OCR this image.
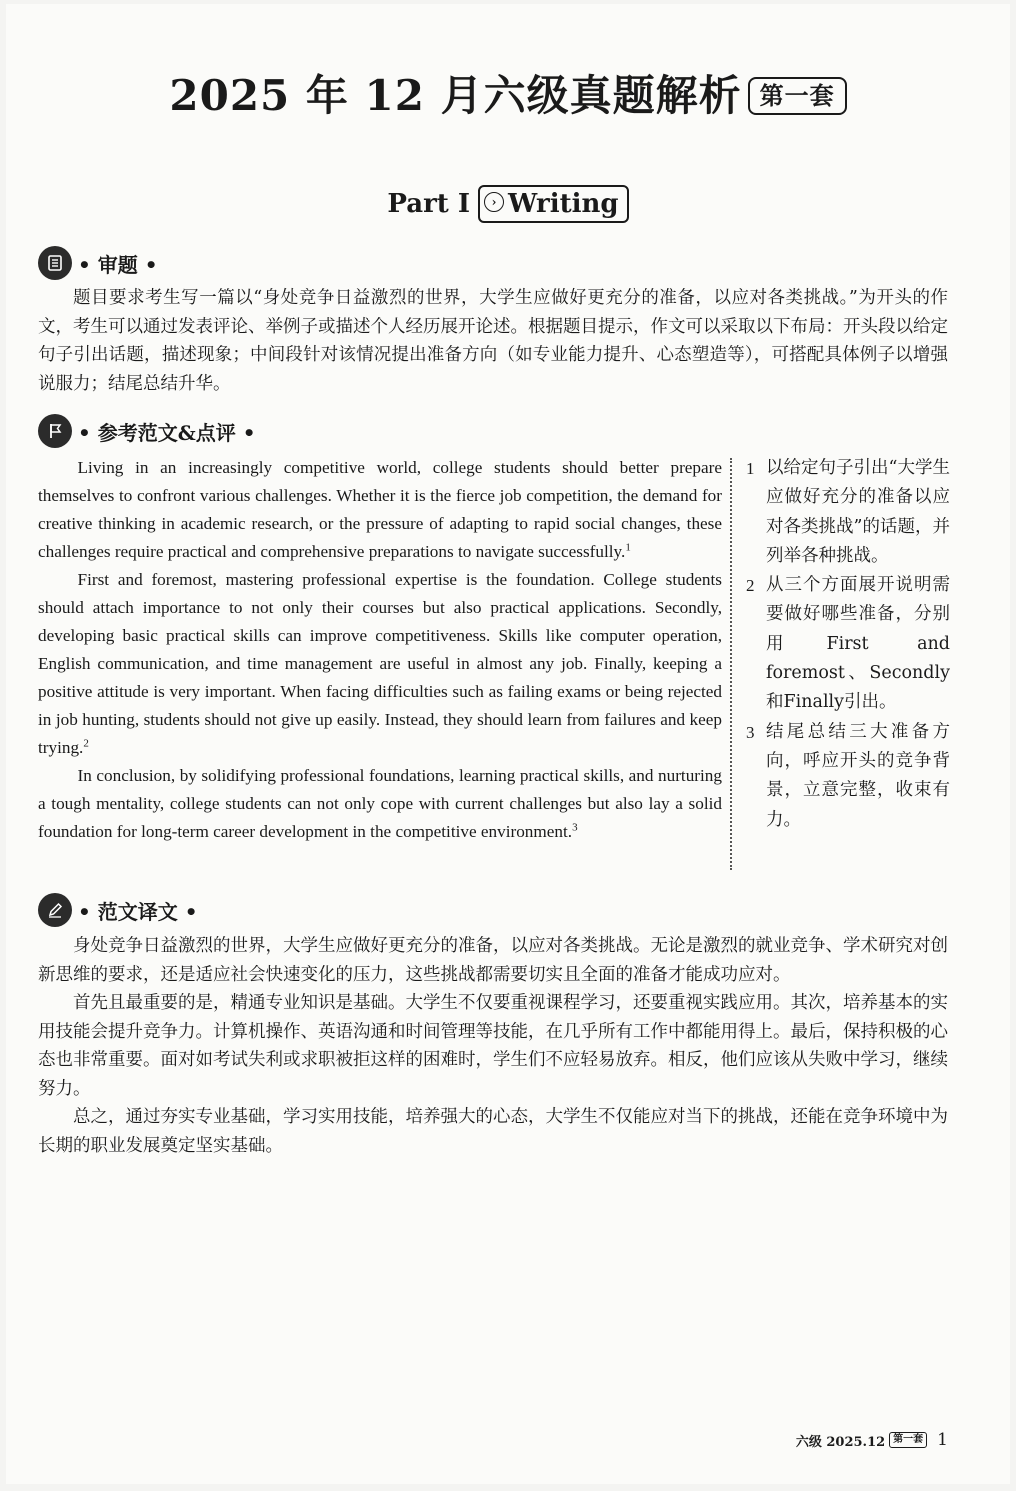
2025 年 12 月六级真题解析 第一套
Part I › Writing
• 审题 •

题目要求考生写一篇以“身处竞争日益激烈的世界，大学生应做好更充分的准备，以应对各类挑战。”为开头的作文，考生可以通过发表评论、举例子或描述个人经历展开论述。根据题目提示，作文可以采取以下布局：开头段以给定句子引出话题，描述现象；中间段针对该情况提出准备方向（如专业能力提升、心态塑造等），可搭配具体例子以增强说服力；结尾总结升华。

• 参考范文&点评 •

Living in an increasingly competitive world, college students should better prepare themselves to confront various challenges. Whether it is the fierce job competition, the demand for creative thinking in academic research, or the pressure of adapting to rapid social changes, these challenges require practical and comprehensive preparations to navigate successfully.$^1$

First and foremost, mastering professional expertise is the foundation. College students should attach importance to not only their courses but also practical applications. Secondly, developing basic practical skills can improve competitiveness. Skills like computer operation, English communication, and time management are useful in almost any job. Finally, keeping a positive attitude is very important. When facing difficulties such as failing exams or being rejected in job hunting, students should not give up easily. Instead, they should learn from failures and keep trying.$^2$

In conclusion, by solidifying professional foundations, learning practical skills, and nurturing a tough mentality, college students can not only cope with current challenges but also lay a solid foundation for long-term career development in the competitive environment.$^3$

1 以给定句子引出“大学生应做好充分的准备以应对各类挑战”的话题，并列举各种挑战。
2 从三个方面展开说明需要做好哪些准备，分别用First and foremost、Secondly和Finally引出。
3 结尾总结三大准备方向，呼应开头的竞争背景，立意完整，收束有力。
• 范文译文 •

身处竞争日益激烈的世界，大学生应做好更充分的准备，以应对各类挑战。无论是激烈的就业竞争、学术研究对创新思维的要求，还是适应社会快速变化的压力，这些挑战都需要切实且全面的准备才能成功应对。

首先且最重要的是，精通专业知识是基础。大学生不仅要重视课程学习，还要重视实践应用。其次，培养基本的实用技能会提升竞争力。计算机操作、英语沟通和时间管理等技能，在几乎所有工作中都能用得上。最后，保持积极的心态也非常重要。面对如考试失利或求职被拒这样的困难时，学生们不应轻易放弃。相反，他们应该从失败中学习，继续努力。

总之，通过夯实专业基础，学习实用技能，培养强大的心态，大学生不仅能应对当下的挑战，还能在竞争环境中为长期的职业发展奠定坚实基础。

六级 2025.12 第一套 1
